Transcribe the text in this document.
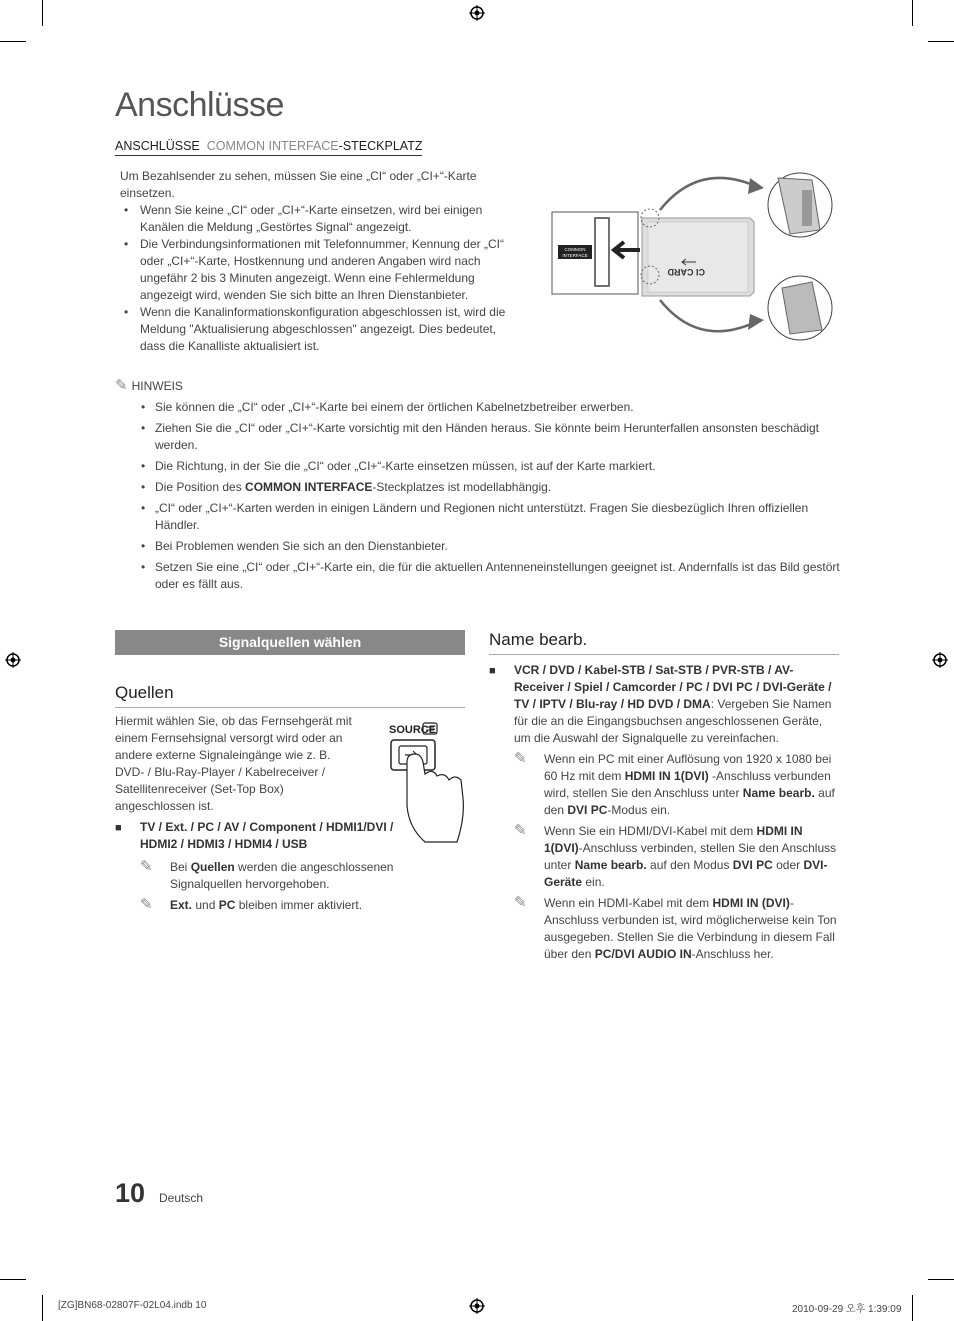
Anschlüsse
ANSCHLÜSSE COMMON INTERFACE-STECKPLATZ
Um Bezahlsender zu sehen, müssen Sie eine „CI“ oder „CI+“-Karte einsetzen.
• Wenn Sie keine „CI“ oder „CI+“-Karte einsetzen, wird bei einigen Kanälen die Meldung „Gestörtes Signal“ angezeigt.
• Die Verbindungsinformationen mit Telefonnummer, Kennung der „CI“ oder „CI+“-Karte, Hostkennung und anderen Angaben wird nach ungefähr 2 bis 3 Minuten angezeigt. Wenn eine Fehlermeldung angezeigt wird, wenden Sie sich bitte an Ihren Dienstanbieter.
• Wenn die Kanalinformationskonfiguration abgeschlossen ist, wird die Meldung "Aktualisierung abgeschlossen" angezeigt. Dies bedeutet, dass die Kanalliste aktualisiert ist.
COMMON
INTERFACE
CI CARD
✎ HINWEIS
• Sie können die „CI“ oder „CI+“-Karte bei einem der örtlichen Kabelnetzbetreiber erwerben.
• Ziehen Sie die „CI“ oder „CI+“-Karte vorsichtig mit den Händen heraus. Sie könnte beim Herunterfallen ansonsten beschädigt werden.
• Die Richtung, in der Sie die „CI“ oder „CI+“-Karte einsetzen müssen, ist auf der Karte markiert.
• Die Position des COMMON INTERFACE-Steckplatzes ist modellabhängig.
• „CI“ oder „CI+“-Karten werden in einigen Ländern und Regionen nicht unterstützt. Fragen Sie diesbezüglich Ihren offiziellen Händler.
• Bei Problemen wenden Sie sich an den Dienstanbieter.
• Setzen Sie eine „CI“ oder „CI+“-Karte ein, die für die aktuellen Antenneneinstellungen geeignet ist. Andernfalls ist das Bild gestört oder es fällt aus.
Signalquellen wählen
Quellen
Hiermit wählen Sie, ob das Fernsehgerät mit einem Fernsehsignal versorgt wird oder an andere externe Signaleingänge wie z. B. DVD- / Blu-Ray-Player / Kabelreceiver / Satellitenreceiver (Set-Top Box) angeschlossen ist.
SOURCE
■ TV / Ext. / PC / AV / Component / HDMI1/DVI / HDMI2 / HDMI3 / HDMI4 / USB
✎ Bei Quellen werden die angeschlossenen Signalquellen hervorgehoben.
✎ Ext. und PC bleiben immer aktiviert.
Name bearb.
■ VCR / DVD / Kabel-STB / Sat-STB / PVR-STB / AV-Receiver / Spiel / Camcorder / PC / DVI PC / DVI-Geräte / TV / IPTV / Blu-ray / HD DVD / DMA: Vergeben Sie Namen für die an die Eingangsbuchsen angeschlossenen Geräte, um die Auswahl der Signalquelle zu vereinfachen.
✎ Wenn ein PC mit einer Auflösung von 1920 x 1080 bei 60 Hz mit dem HDMI IN 1(DVI) -Anschluss verbunden wird, stellen Sie den Anschluss unter Name bearb. auf den DVI PC-Modus ein.
✎ Wenn Sie ein HDMI/DVI-Kabel mit dem HDMI IN 1(DVI)-Anschluss verbinden, stellen Sie den Anschluss unter Name bearb. auf den Modus DVI PC oder DVI-Geräte ein.
✎ Wenn ein HDMI-Kabel mit dem HDMI IN (DVI)-Anschluss verbunden ist, wird möglicherweise kein Ton ausgegeben. Stellen Sie die Verbindung in diesem Fall über den PC/DVI AUDIO IN-Anschluss her.
10 Deutsch
[ZG]BN68-02807F-02L04.indb 10	2010-09-29 오후 1:39:09
